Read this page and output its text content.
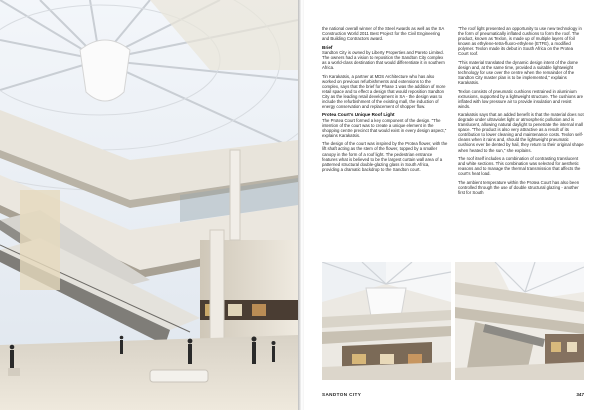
the national overall winner of the Steel Awards as well as the SA Construction World 2011 Best Project for the Civil Engineering and Building Contractors award.

Brief

Sandton City is owned by Liberty Properties and Pareto Limited. The owners had a vision to reposition the Sandton City complex as a world-class destination that would differentiate it in southern Africa.

Tin Karakatsis, a partner at MDS Architecture who has also worked on previous refurbishments and extensions to the complex, says that the brief for Phase 1 was the addition of more retail space and to effect a design that would reposition Sandton City as the leading retail development in SA - the design was to include the refurbishment of the existing mall, the induction of energy conservation and replacement of shopper flow.

Protea Court's Unique Roof Light

The Protea Court formed a key component of the design. "The intention of the court was to create a unique element in the shopping centre precinct that would exist in every design aspect," explains Karakatsis.

The design of the court was inspired by the Protea flower, with the lift shaft acting as the stem of the flower, topped by a smaller canopy in the form of a roof light. The pedestrian entrance features what is believed to be the largest curtain wall area of a patterned structural double-glazing glass in South Africa, providing a dramatic backdrop to the Sandton court.

"The roof light presented an opportunity to use new technology in the form of pneumatically inflated cushions to form the roof. The product, known as Texlon, is made up of multiple layers of foil known as ethylene-tetra-fluoro-ethylene (ETFE), a modified polymer. Texlon made its debut in South Africa on the Protea Court roof.

"This material translated the dynamic design intent of the dome design and, at the same time, provided a suitable lightweight technology for use over the centre when the remainder of the Sandton City master plan is to be implemented," explains Karakatsis.

Texlon consists of pneumatic cushions restrained in aluminium extrusions, supported by a lightweight structure. The cushions are inflated with low pressure air to provide insulation and resist winds.

Karakatsis says that an added benefit is that the material does not degrade under ultraviolet light or atmospheric pollution and is translucent, allowing natural daylight to penetrate the internal mall space. "The product is also very attractive as a result of its contribution to lower cleaning and maintenance costs. Texlon self-cleans when it rains and, should the lightweight pneumatic cushions ever be dented by hail, they return to their original shape when heated to the sun," she explains.

The roof itself includes a combination of contrasting translucent and white sections. This combination was selected for aesthetic reasons and to manage the thermal transmission that affects the court's heat load.

The ambient temperature within the Protea Court has also been controlled through the use of double structural glazing - another first for South

SANDTON CITY	347
